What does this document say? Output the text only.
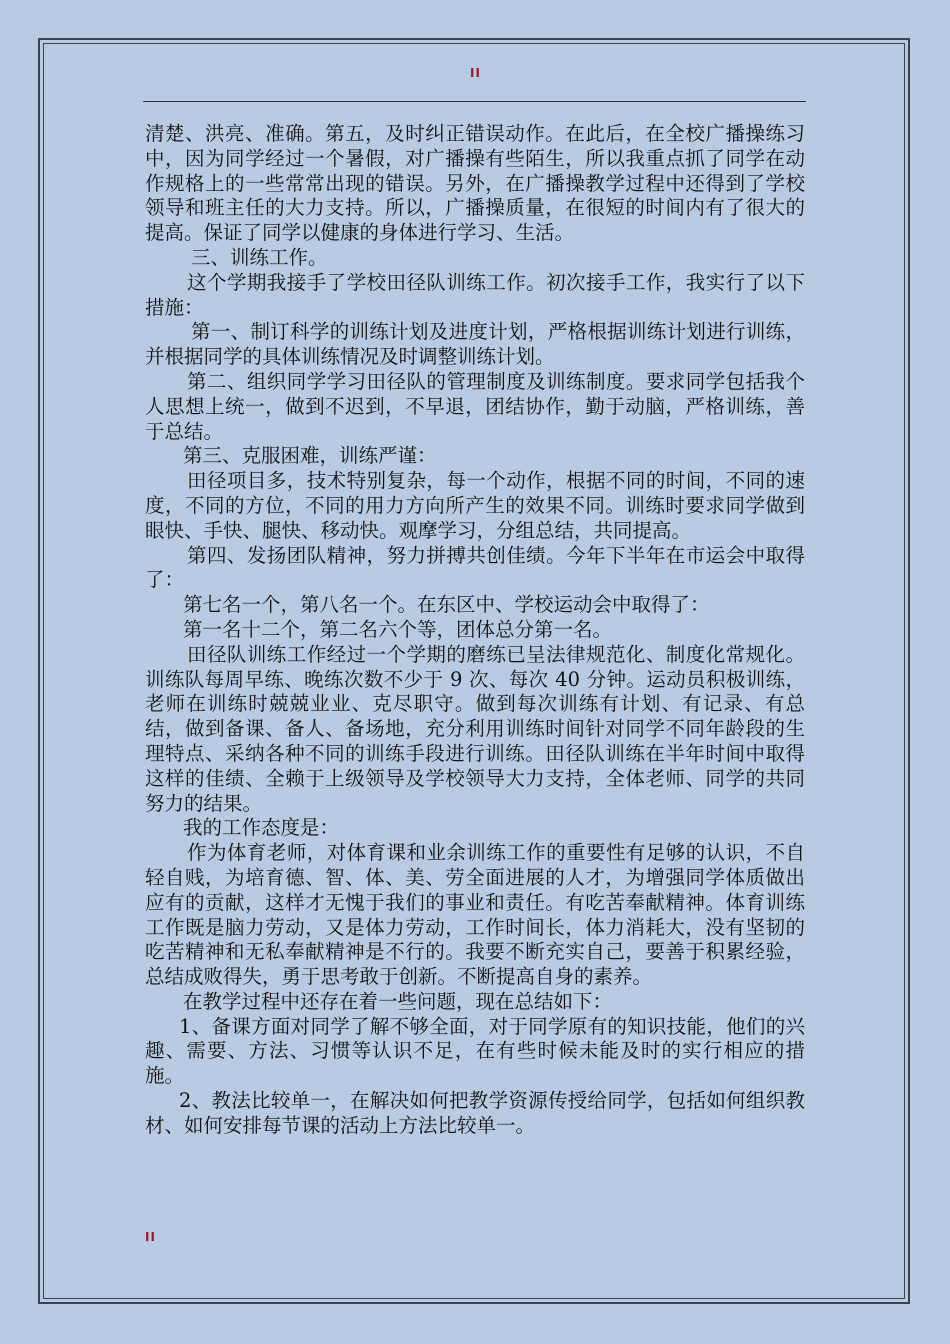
II

清楚、洪亮、准确。第五，及时纠正错误动作。在此后，在全校广播操练习中，因为同学经过一个暑假，对广播操有些陌生，所以我重点抓了同学在动作规格上的一些常常出现的错误。另外，在广播操教学过程中还得到了学校领导和班主任的大力支持。所以，广播操质量，在很短的时间内有了很大的提高。保证了同学以健康的身体进行学习、生活。

三、训练工作。

这个学期我接手了学校田径队训练工作。初次接手工作，我实行了以下措施：

第一、制订科学的训练计划及进度计划，严格根据训练计划进行训练，并根据同学的具体训练情况及时调整训练计划。

第二、组织同学学习田径队的管理制度及训练制度。要求同学包括我个人思想上统一，做到不迟到，不早退，团结协作，勤于动脑，严格训练，善于总结。

第三、克服困难，训练严谨：

田径项目多，技术特别复杂，每一个动作，根据不同的时间，不同的速度，不同的方位，不同的用力方向所产生的效果不同。训练时要求同学做到眼快、手快、腿快、移动快。观摩学习，分组总结，共同提高。

第四、发扬团队精神，努力拼搏共创佳绩。今年下半年在市运会中取得了：

第七名一个，第八名一个。在东区中、学校运动会中取得了：

第一名十二个，第二名六个等，团体总分第一名。

田径队训练工作经过一个学期的磨练已呈法律规范化、制度化常规化。训练队每周早练、晚练次数不少于 9 次、每次 40 分钟。运动员积极训练，老师在训练时兢兢业业、克尽职守。做到每次训练有计划、有记录、有总结，做到备课、备人、备场地，充分利用训练时间针对同学不同年龄段的生理特点、采纳各种不同的训练手段进行训练。田径队训练在半年时间中取得这样的佳绩、全赖于上级领导及学校领导大力支持，全体老师、同学的共同努力的结果。

我的工作态度是：

作为体育老师，对体育课和业余训练工作的重要性有足够的认识，不自轻自贱，为培育德、智、体、美、劳全面进展的人才，为增强同学体质做出应有的贡献，这样才无愧于我们的事业和责任。有吃苦奉献精神。体育训练工作既是脑力劳动，又是体力劳动，工作时间长，体力消耗大，没有坚韧的吃苦精神和无私奉献精神是不行的。我要不断充实自己，要善于积累经验，总结成败得失，勇于思考敢于创新。不断提高自身的素养。

在教学过程中还存在着一些问题，现在总结如下：

1、备课方面对同学了解不够全面，对于同学原有的知识技能，他们的兴趣、需要、方法、习惯等认识不足，在有些时候未能及时的实行相应的措施。

2、教法比较单一，在解决如何把教学资源传授给同学，包括如何组织教材、如何安排每节课的活动上方法比较单一。

II
